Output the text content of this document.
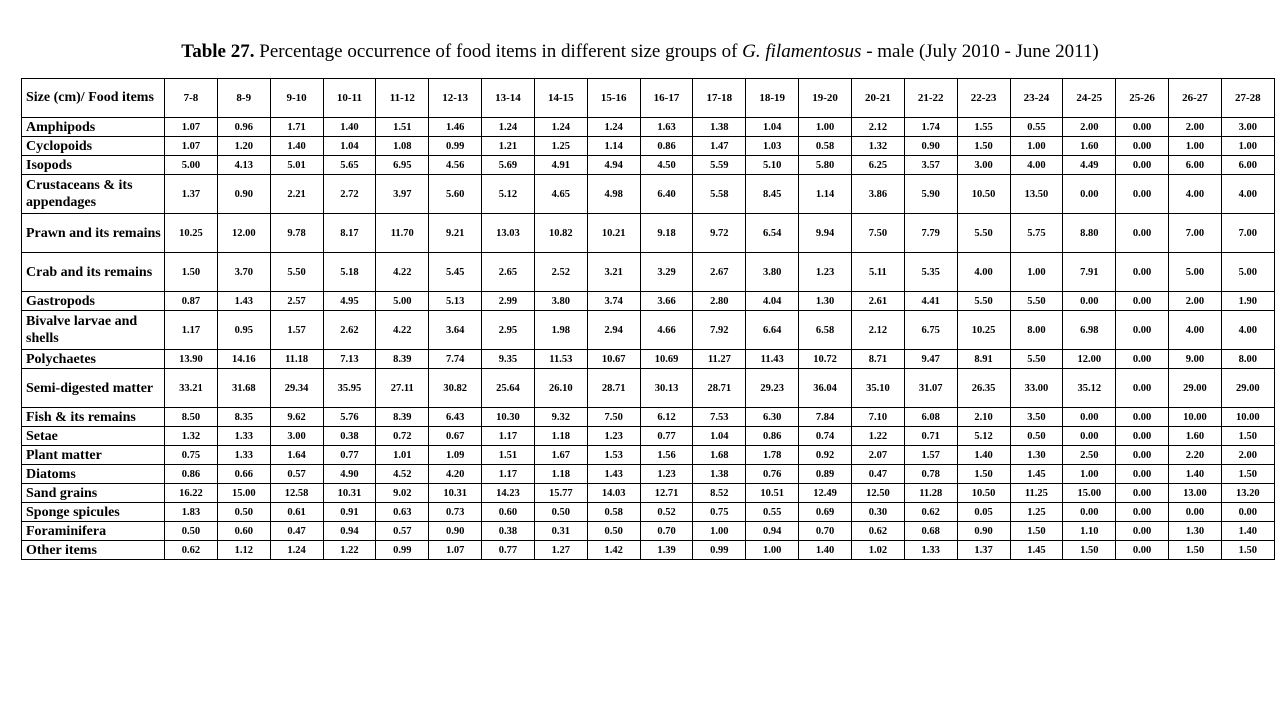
Table 27. Percentage occurrence of food items in different size groups of G. filamentosus - male (July 2010 - June 2011)
Size (cm)/ Food items	7-8	8-9	9-10	10-11	11-12	12-13	13-14	14-15	15-16	16-17	17-18	18-19	19-20	20-21	21-22	22-23	23-24	24-25	25-26	26-27	27-28
Amphipods	1.07	0.96	1.71	1.40	1.51	1.46	1.24	1.24	1.24	1.63	1.38	1.04	1.00	2.12	1.74	1.55	0.55	2.00	0.00	2.00	3.00
Cyclopoids	1.07	1.20	1.40	1.04	1.08	0.99	1.21	1.25	1.14	0.86	1.47	1.03	0.58	1.32	0.90	1.50	1.00	1.60	0.00	1.00	1.00
Isopods	5.00	4.13	5.01	5.65	6.95	4.56	5.69	4.91	4.94	4.50	5.59	5.10	5.80	6.25	3.57	3.00	4.00	4.49	0.00	6.00	6.00
Crustaceans & its appendages	1.37	0.90	2.21	2.72	3.97	5.60	5.12	4.65	4.98	6.40	5.58	8.45	1.14	3.86	5.90	10.50	13.50	0.00	0.00	4.00	4.00
Prawn and its remains	10.25	12.00	9.78	8.17	11.70	9.21	13.03	10.82	10.21	9.18	9.72	6.54	9.94	7.50	7.79	5.50	5.75	8.80	0.00	7.00	7.00
Crab and its remains	1.50	3.70	5.50	5.18	4.22	5.45	2.65	2.52	3.21	3.29	2.67	3.80	1.23	5.11	5.35	4.00	1.00	7.91	0.00	5.00	5.00
Gastropods	0.87	1.43	2.57	4.95	5.00	5.13	2.99	3.80	3.74	3.66	2.80	4.04	1.30	2.61	4.41	5.50	5.50	0.00	0.00	2.00	1.90
Bivalve larvae and shells	1.17	0.95	1.57	2.62	4.22	3.64	2.95	1.98	2.94	4.66	7.92	6.64	6.58	2.12	6.75	10.25	8.00	6.98	0.00	4.00	4.00
Polychaetes	13.90	14.16	11.18	7.13	8.39	7.74	9.35	11.53	10.67	10.69	11.27	11.43	10.72	8.71	9.47	8.91	5.50	12.00	0.00	9.00	8.00
Semi-digested matter	33.21	31.68	29.34	35.95	27.11	30.82	25.64	26.10	28.71	30.13	28.71	29.23	36.04	35.10	31.07	26.35	33.00	35.12	0.00	29.00	29.00
Fish & its remains	8.50	8.35	9.62	5.76	8.39	6.43	10.30	9.32	7.50	6.12	7.53	6.30	7.84	7.10	6.08	2.10	3.50	0.00	0.00	10.00	10.00
Setae	1.32	1.33	3.00	0.38	0.72	0.67	1.17	1.18	1.23	0.77	1.04	0.86	0.74	1.22	0.71	5.12	0.50	0.00	0.00	1.60	1.50
Plant matter	0.75	1.33	1.64	0.77	1.01	1.09	1.51	1.67	1.53	1.56	1.68	1.78	0.92	2.07	1.57	1.40	1.30	2.50	0.00	2.20	2.00
Diatoms	0.86	0.66	0.57	4.90	4.52	4.20	1.17	1.18	1.43	1.23	1.38	0.76	0.89	0.47	0.78	1.50	1.45	1.00	0.00	1.40	1.50
Sand grains	16.22	15.00	12.58	10.31	9.02	10.31	14.23	15.77	14.03	12.71	8.52	10.51	12.49	12.50	11.28	10.50	11.25	15.00	0.00	13.00	13.20
Sponge spicules	1.83	0.50	0.61	0.91	0.63	0.73	0.60	0.50	0.58	0.52	0.75	0.55	0.69	0.30	0.62	0.05	1.25	0.00	0.00	0.00	0.00
Foraminifera	0.50	0.60	0.47	0.94	0.57	0.90	0.38	0.31	0.50	0.70	1.00	0.94	0.70	0.62	0.68	0.90	1.50	1.10	0.00	1.30	1.40
Other items	0.62	1.12	1.24	1.22	0.99	1.07	0.77	1.27	1.42	1.39	0.99	1.00	1.40	1.02	1.33	1.37	1.45	1.50	0.00	1.50	1.50
